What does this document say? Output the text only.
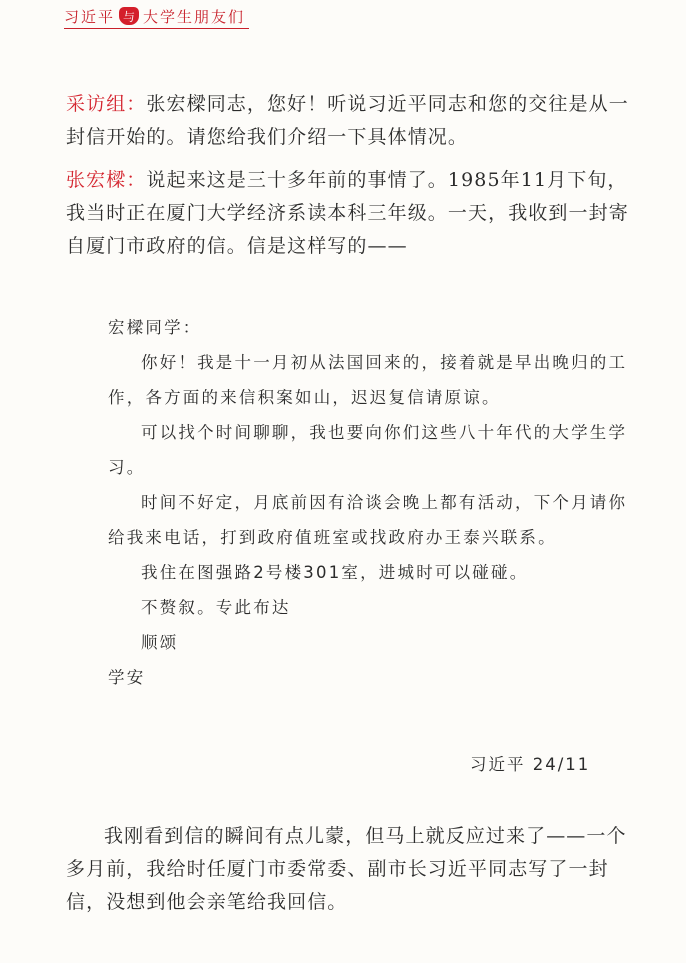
习近平 与 大学生朋友们

采访组：张宏樑同志，您好！听说习近平同志和您的交往是从一封信开始的。请您给我们介绍一下具体情况。

张宏樑：说起来这是三十多年前的事情了。1985年11月下旬，我当时正在厦门大学经济系读本科三年级。一天，我收到一封寄自厦门市政府的信。信是这样写的——

宏樑同学：
你好！我是十一月初从法国回来的，接着就是早出晚归的工作，各方面的来信积案如山，迟迟复信请原谅。
可以找个时间聊聊，我也要向你们这些八十年代的大学生学习。
时间不好定，月底前因有洽谈会晚上都有活动，下个月请你给我来电话，打到政府值班室或找政府办王泰兴联系。
我住在图强路2号楼301室，进城时可以碰碰。
不赘叙。专此布达
顺颂
学安
习近平 24/11

我刚看到信的瞬间有点儿蒙，但马上就反应过来了——一个多月前，我给时任厦门市委常委、副市长习近平同志写了一封信，没想到他会亲笔给我回信。
